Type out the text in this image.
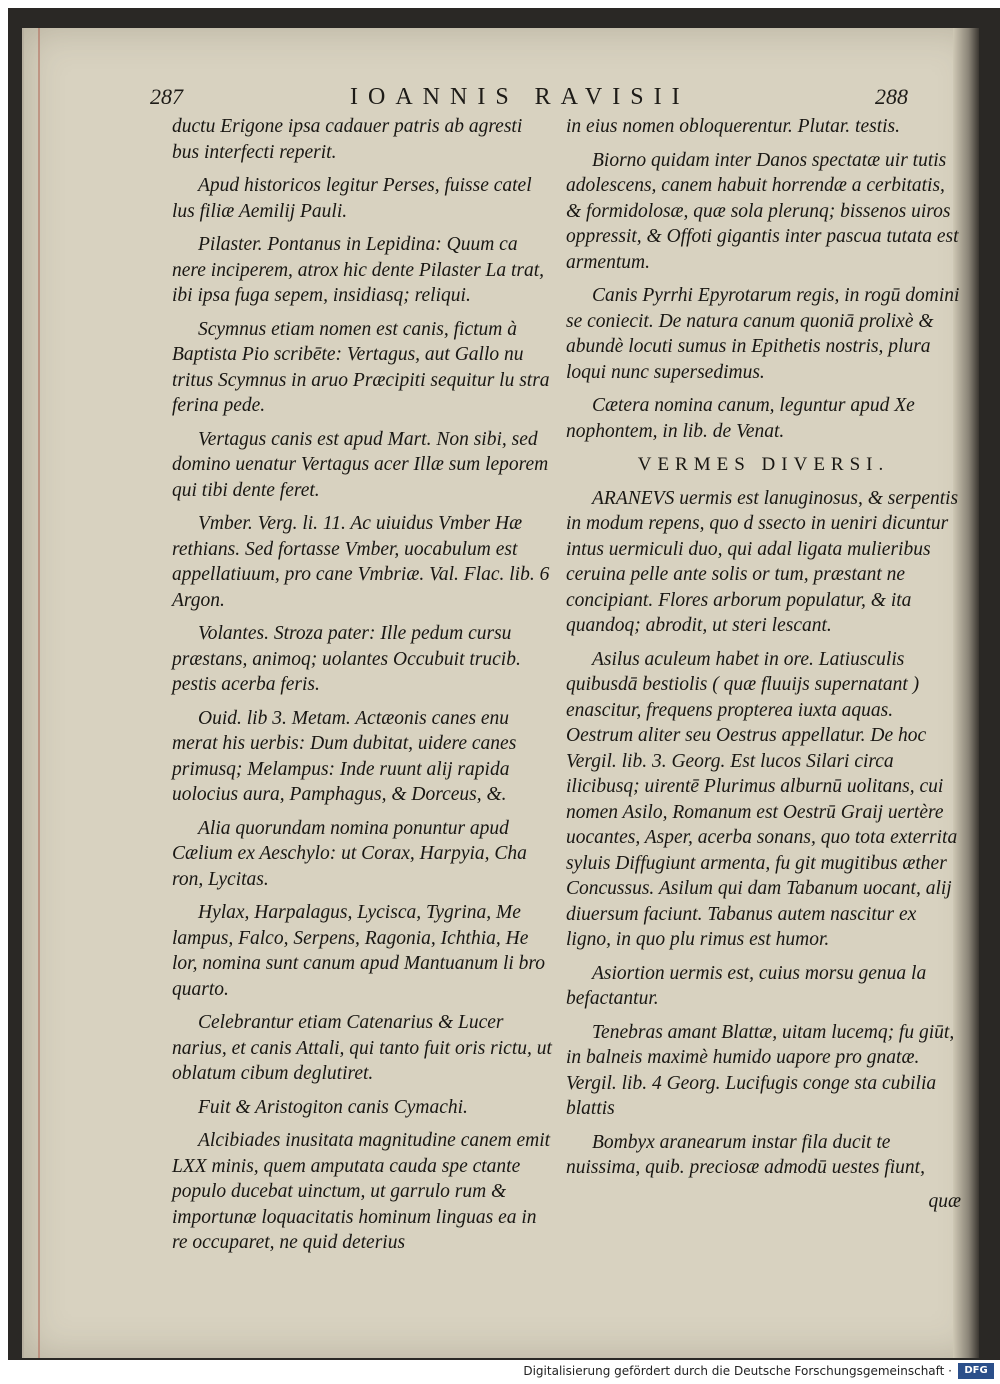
287	IOANNIS RAVISII	288

ductu Erigone ipsa cadauer patris ab agresti bus interfecti reperit.

Apud historicos legitur Perses, fuisse catel lus filiæ Aemilij Pauli.

Pilaster. Pontanus in Lepidina: Quum ca nere inciperem, atrox hic dente Pilaster La trat, ibi ipsa fuga sepem, insidiasq; reliqui.

Scymnus etiam nomen est canis, fictum à Baptista Pio scribēte: Vertagus, aut Gallo nu tritus Scymnus in aruo Præcipiti sequitur lu stra ferina pede.

Vertagus canis est apud Mart. Non sibi, sed domino uenatur Vertagus acer Illæ sum leporem qui tibi dente feret.

Vmber. Verg. li. 11. Ac uiuidus Vmber Hæ rethians. Sed fortasse Vmber, uocabulum est appellatiuum, pro cane Vmbriæ. Val. Flac. lib. 6 Argon.

Volantes. Stroza pater: Ille pedum cursu præstans, animoq; uolantes Occubuit trucib. pestis acerba feris.

Ouid. lib 3. Metam. Actæonis canes enu merat his uerbis: Dum dubitat, uidere canes primusq; Melampus: Inde ruunt alij rapida uolocius aura, Pamphagus, & Dorceus, &.

Alia quorundam nomina ponuntur apud Cælium ex Aeschylo: ut Corax, Harpyia, Cha ron, Lycitas.

Hylax, Harpalagus, Lycisca, Tygrina, Me lampus, Falco, Serpens, Ragonia, Ichthia, He lor, nomina sunt canum apud Mantuanum li bro quarto.

Celebrantur etiam Catenarius & Lucer narius, et canis Attali, qui tanto fuit oris rictu, ut oblatum cibum deglutiret.

Fuit & Aristogiton canis Cymachi.

Alcibiades inusitata magnitudine canem emit LXX minis, quem amputata cauda spe ctante populo ducebat uinctum, ut garrulo rum & importunæ loquacitatis hominum linguas ea in re occuparet, ne quid deterius

in eius nomen obloquerentur. Plutar. testis.

Biorno quidam inter Danos spectatæ uir tutis adolescens, canem habuit horrendæ a cerbitatis, & formidolosæ, quæ sola plerunq; bissenos uiros oppressit, & Offoti gigantis inter pascua tutata est armentum.

Canis Pyrrhi Epyrotarum regis, in rogū domini se coniecit. De natura canum quoniā prolixè & abundè locuti sumus in Epithetis nostris, plura loqui nunc supersedimus.

Cætera nomina canum, leguntur apud Xe nophontem, in lib. de Venat.

VERMES DIVERSI.

ARANEVS uermis est lanuginosus, & serpentis in modum repens, quo d ssecto in ueniri dicuntur intus uermiculi duo, qui adal ligata mulieribus ceruina pelle ante solis or tum, præstant ne concipiant. Flores arborum populatur, & ita quandoq; abrodit, ut steri lescant.

Asilus aculeum habet in ore. Latiusculis quibusdā bestiolis ( quæ fluuijs supernatant ) enascitur, frequens propterea iuxta aquas. Oestrum aliter seu Oestrus appellatur. De hoc Vergil. lib. 3. Georg. Est lucos Silari circa ilicibusq; uirentē Plurimus alburnū uolitans, cui nomen Asilo, Romanum est Oestrū Graij uertère uocantes, Asper, acerba sonans, quo tota exterrita syluis Diffugiunt armenta, fu git mugitibus æther Concussus. Asilum qui dam Tabanum uocant, alij diuersum faciunt. Tabanus autem nascitur ex ligno, in quo plu rimus est humor.

Asiortion uermis est, cuius morsu genua la befactantur.

Tenebras amant Blattæ, uitam lucemq; fu giūt, in balneis maximè humido uapore pro gnatæ. Vergil. lib. 4 Georg. Lucifugis conge sta cubilia blattis

Bombyx aranearum instar fila ducit te nuissima, quib. preciosæ admodū uestes fiunt,

quæ

Digitalisierung gefördert durch die Deutsche Forschungsgemeinschaft ·	DFG
